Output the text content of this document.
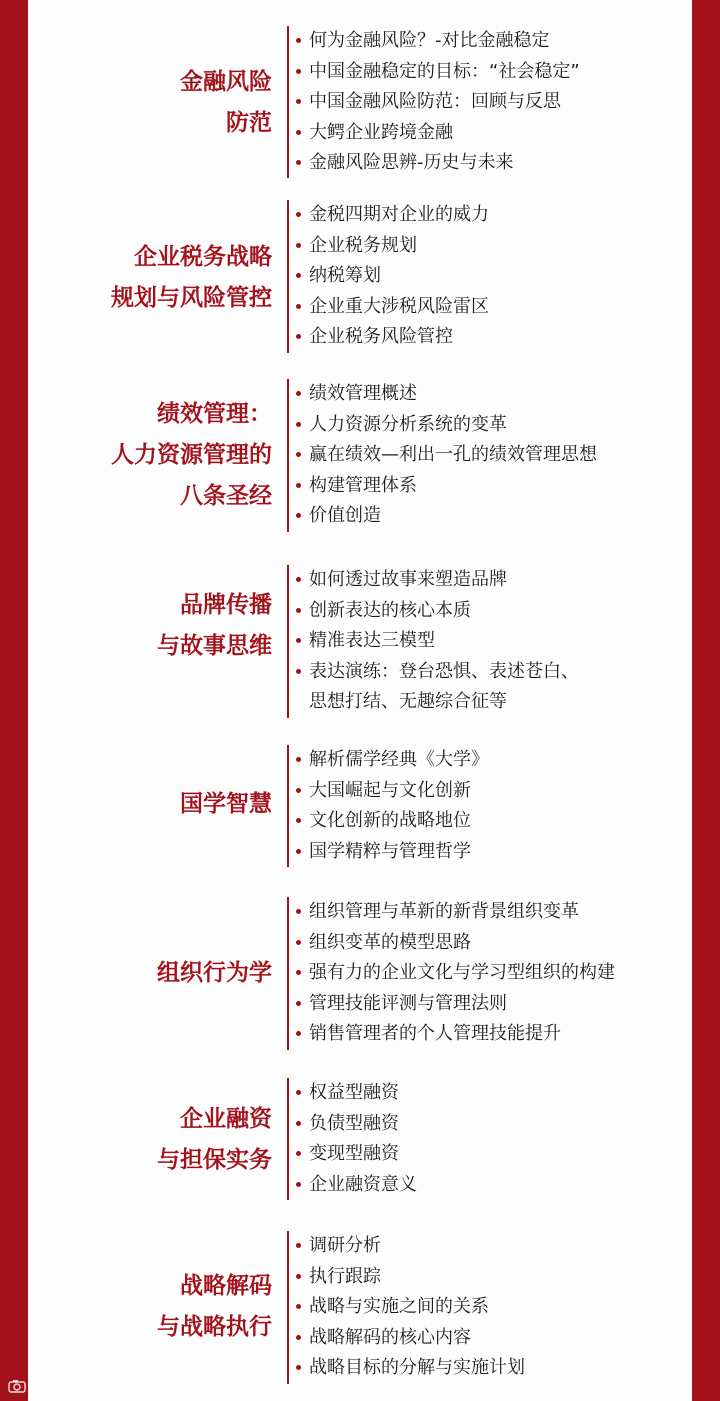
金融风险
防范
何为金融风险？-对比金融稳定
中国金融稳定的目标：“社会稳定”
中国金融风险防范：回顾与反思
大鳄企业跨境金融
金融风险思辨-历史与未来
企业税务战略
规划与风险管控
金税四期对企业的威力
企业税务规划
纳税筹划
企业重大涉税风险雷区
企业税务风险管控
绩效管理：
人力资源管理的
八条圣经
绩效管理概述
人力资源分析系统的变革
赢在绩效—利出一孔的绩效管理思想
构建管理体系
价值创造
品牌传播
与故事思维
如何透过故事来塑造品牌
创新表达的核心本质
精准表达三模型
表达演练：登台恐惧、表述苍白、
思想打结、无趣综合征等
国学智慧
解析儒学经典《大学》
大国崛起与文化创新
文化创新的战略地位
国学精粹与管理哲学
组织行为学
组织管理与革新的新背景组织变革
组织变革的模型思路
强有力的企业文化与学习型组织的构建
管理技能评测与管理法则
销售管理者的个人管理技能提升
企业融资
与担保实务
权益型融资
负债型融资
变现型融资
企业融资意义
战略解码
与战略执行
调研分析
执行跟踪
战略与实施之间的关系
战略解码的核心内容
战略目标的分解与实施计划
大鼠跨境
